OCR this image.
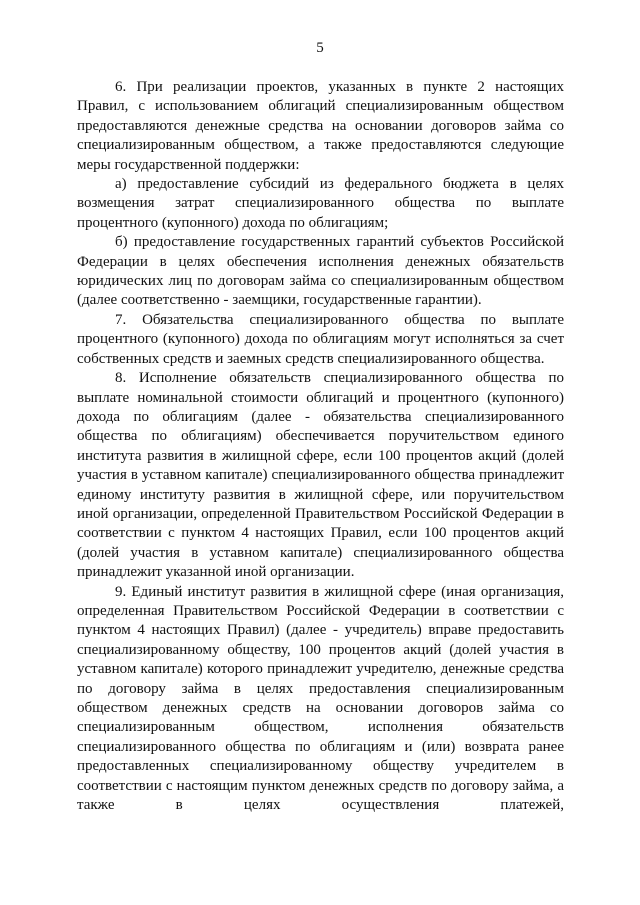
5

6. При реализации проектов, указанных в пункте 2 настоящих Правил, с использованием облигаций специализированным обществом предоставляются денежные средства на основании договоров займа со специализированным обществом, а также предоставляются следующие меры государственной поддержки:

а) предоставление субсидий из федерального бюджета в целях возмещения затрат специализированного общества по выплате процентного (купонного) дохода по облигациям;

б) предоставление государственных гарантий субъектов Российской Федерации в целях обеспечения исполнения денежных обязательств юридических лиц по договорам займа со специализированным обществом (далее соответственно - заемщики, государственные гарантии).

7. Обязательства специализированного общества по выплате процентного (купонного) дохода по облигациям могут исполняться за счет собственных средств и заемных средств специализированного общества.

8. Исполнение обязательств специализированного общества по выплате номинальной стоимости облигаций и процентного (купонного) дохода по облигациям (далее - обязательства специализированного общества по облигациям) обеспечивается поручительством единого института развития в жилищной сфере, если 100 процентов акций (долей участия в уставном капитале) специализированного общества принадлежит единому институту развития в жилищной сфере, или поручительством иной организации, определенной Правительством Российской Федерации в соответствии с пунктом 4 настоящих Правил, если 100 процентов акций (долей участия в уставном капитале) специализированного общества принадлежит указанной иной организации.

9. Единый институт развития в жилищной сфере (иная организация, определенная Правительством Российской Федерации в соответствии с пунктом 4 настоящих Правил) (далее - учредитель) вправе предоставить специализированному обществу, 100 процентов акций (долей участия в уставном капитале) которого принадлежит учредителю, денежные средства по договору займа в целях предоставления специализированным обществом денежных средств на основании договоров займа со специализированным обществом, исполнения обязательств специализированного общества по облигациям и (или) возврата ранее предоставленных специализированному обществу учредителем в соответствии с настоящим пунктом денежных средств по договору займа, а также в целях осуществления платежей,
